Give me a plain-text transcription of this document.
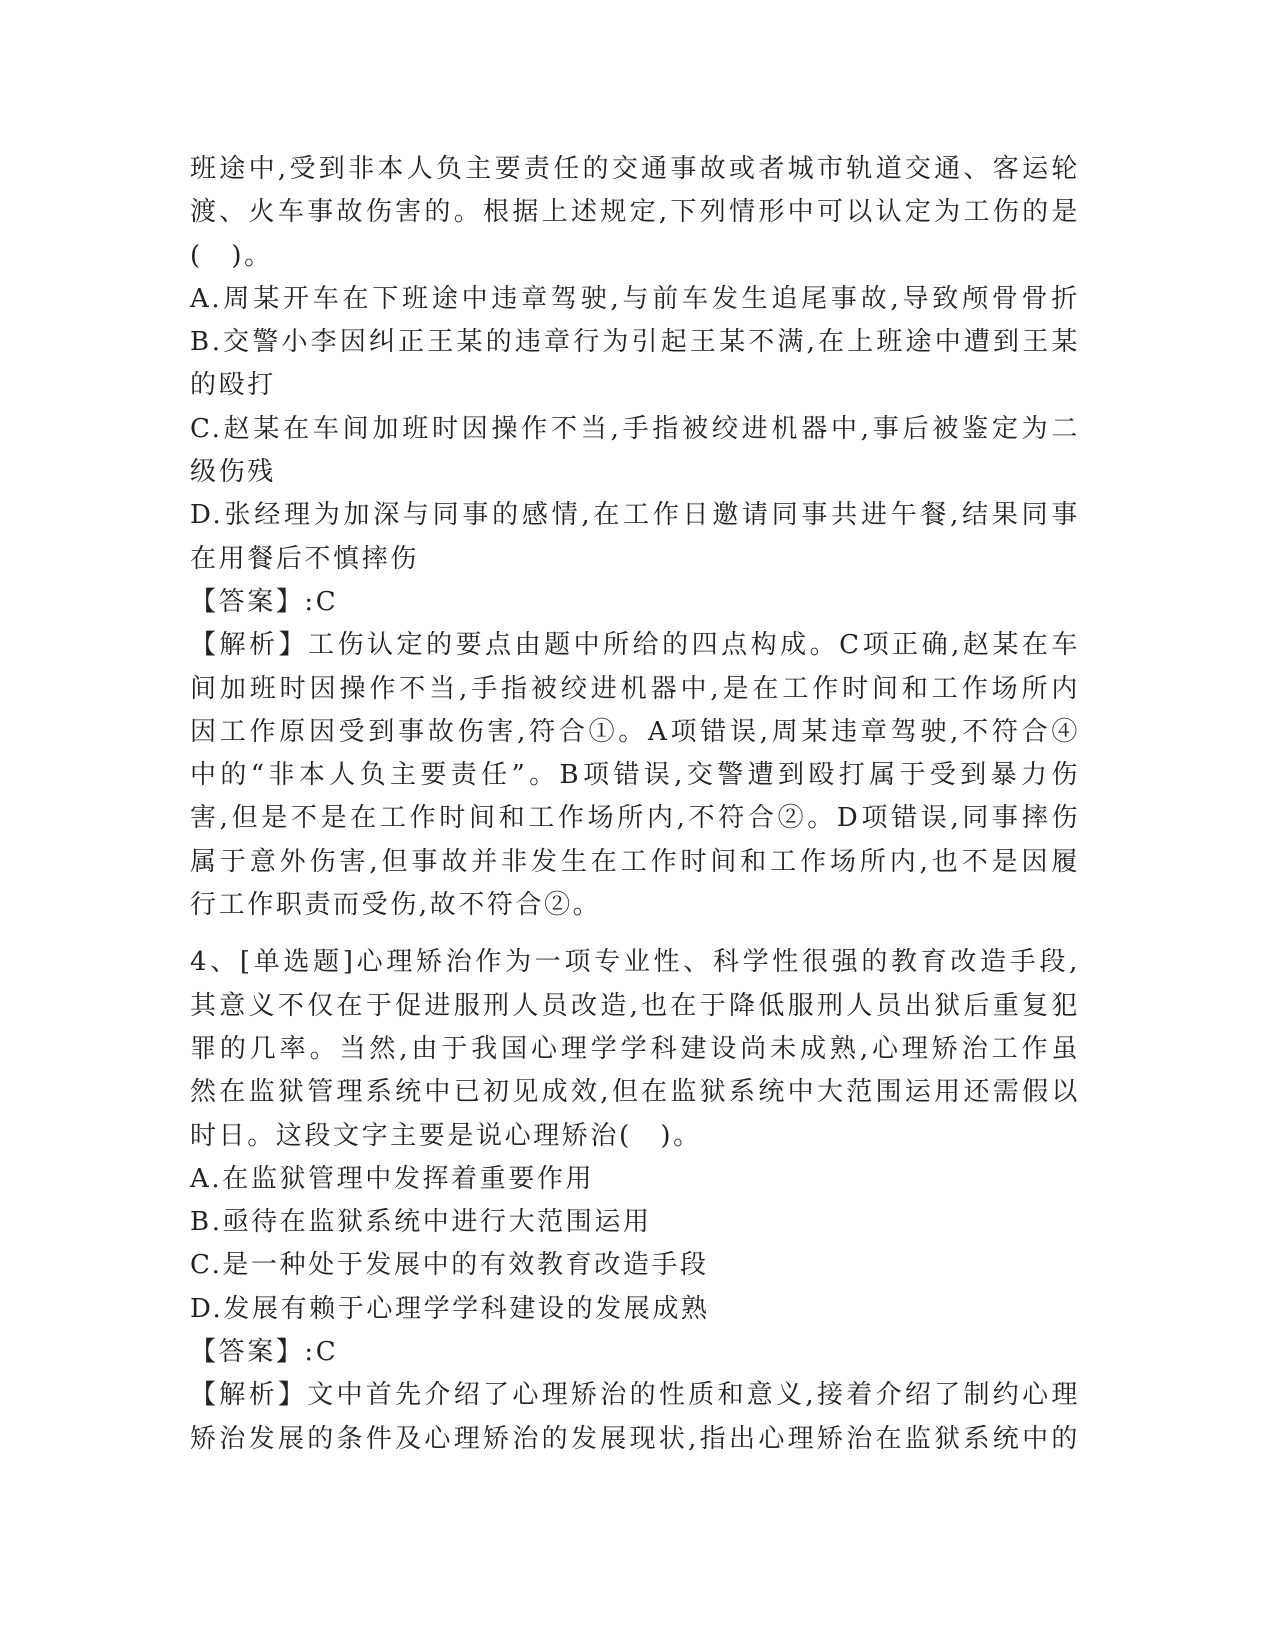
班途中,受到非本人负主要责任的交通事故或者城市轨道交通、客运轮
渡、火车事故伤害的。根据上述规定,下列情形中可以认定为工伤的是
(　)。
A.周某开车在下班途中违章驾驶,与前车发生追尾事故,导致颅骨骨折
B.交警小李因纠正王某的违章行为引起王某不满,在上班途中遭到王某
的殴打
C.赵某在车间加班时因操作不当,手指被绞进机器中,事后被鉴定为二
级伤残
D.张经理为加深与同事的感情,在工作日邀请同事共进午餐,结果同事
在用餐后不慎摔伤
【答案】:C
【解析】工伤认定的要点由题中所给的四点构成。C项正确,赵某在车
间加班时因操作不当,手指被绞进机器中,是在工作时间和工作场所内
因工作原因受到事故伤害,符合①。A项错误,周某违章驾驶,不符合④
中的“非本人负主要责任”。B项错误,交警遭到殴打属于受到暴力伤
害,但是不是在工作时间和工作场所内,不符合②。D项错误,同事摔伤
属于意外伤害,但事故并非发生在工作时间和工作场所内,也不是因履
行工作职责而受伤,故不符合②。
4、[单选题]心理矫治作为一项专业性、科学性很强的教育改造手段,
其意义不仅在于促进服刑人员改造,也在于降低服刑人员出狱后重复犯
罪的几率。当然,由于我国心理学学科建设尚未成熟,心理矫治工作虽
然在监狱管理系统中已初见成效,但在监狱系统中大范围运用还需假以
时日。这段文字主要是说心理矫治(　)。
A.在监狱管理中发挥着重要作用
B.亟待在监狱系统中进行大范围运用
C.是一种处于发展中的有效教育改造手段
D.发展有赖于心理学学科建设的发展成熟
【答案】:C
【解析】文中首先介绍了心理矫治的性质和意义,接着介绍了制约心理
矫治发展的条件及心理矫治的发展现状,指出心理矫治在监狱系统中的
